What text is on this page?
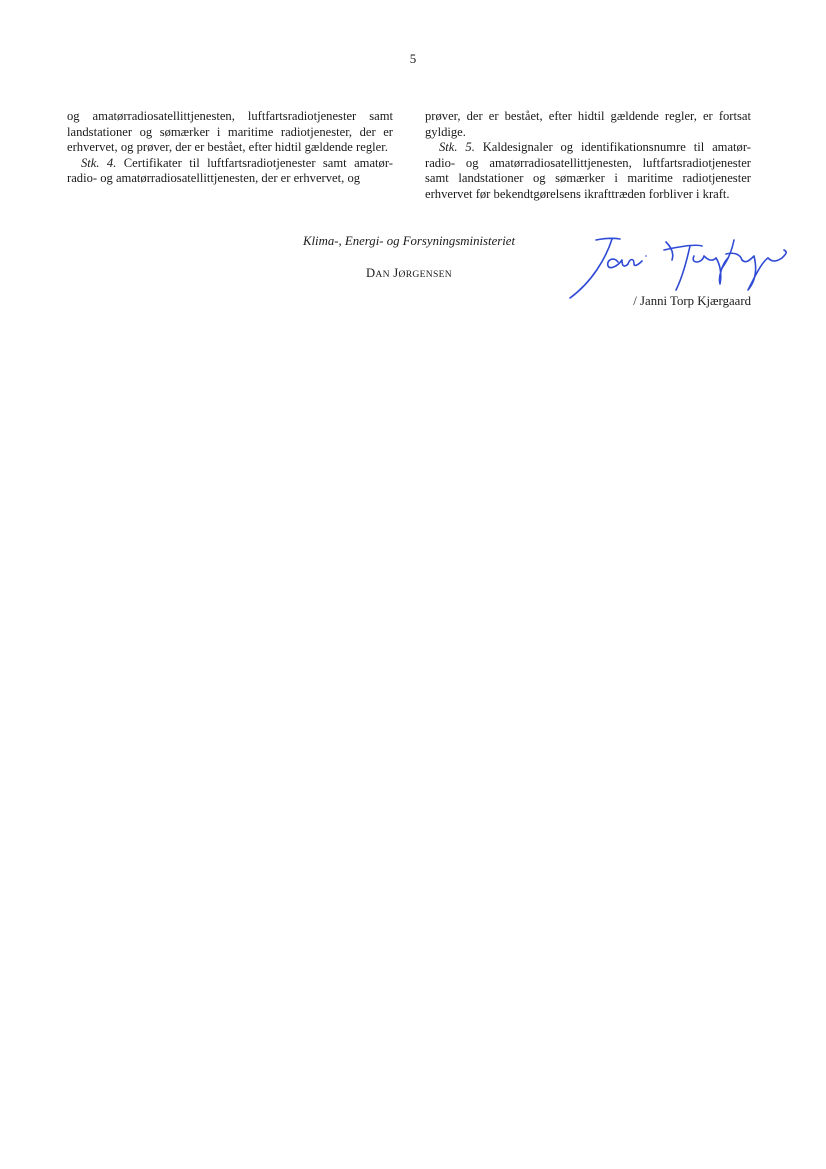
5

og amatørradiosatellittjenesten, luftfartsradiotjenester samt landstationer og sømærker i maritime radiotjenester, der er erhvervet, og prøver, der er bestået, efter hidtil gældende regler.

Stk. 4. Certifikater til luftfartsradiotjenester samt amatør-radio- og amatørradiosatellittjenesten, der er erhvervet, og

prøver, der er bestået, efter hidtil gældende regler, er fortsat gyldige.

Stk. 5. Kaldesignaler og identifikationsnumre til amatør-radio- og amatørradiosatellittjenesten, luftfartsradiotjenester samt landstationer og sømærker i maritime radiotjenester erhvervet før bekendtgørelsens ikrafttræden forbliver i kraft.

Klima-, Energi- og Forsyningsministeriet
DAN JØRGENSEN
/ Janni Torp Kjærgaard
